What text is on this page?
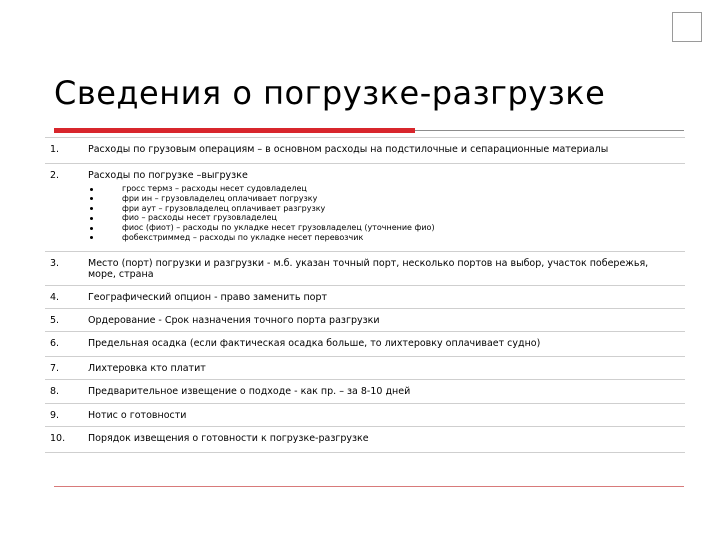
Сведения о погрузке-разгрузке
1.	Расходы по грузовым операциям – в основном расходы на подстилочные и сепарационные материалы
2.	Расходы по погрузке –выгрузке
гросс термз – расходы несет судовладелец
фри ин – грузовладелец оплачивает погрузку
фри аут – грузовладелец оплачивает разгрузку
фио – расходы несет грузовладелец
фиос (фиот) – расходы по укладке несет грузовладелец (уточнение фио)
фобекстриммед – расходы по укладке несет перевозчик
3.	Место (порт) погрузки и разгрузки - м.б. указан точный порт, несколько портов на выбор, участок побережья, море, страна
4.	Географический опцион - право заменить порт
5.	Ордерование - Срок назначения точного порта разгрузки
6.	Предельная осадка (если фактическая осадка больше, то лихтеровку оплачивает судно)
7.	Лихтеровка кто платит
8.	Предварительное извещение о подходе - как пр. – за 8-10 дней
9.	Нотис о готовности
10.	Порядок извещения о готовности к погрузке-разгрузке
